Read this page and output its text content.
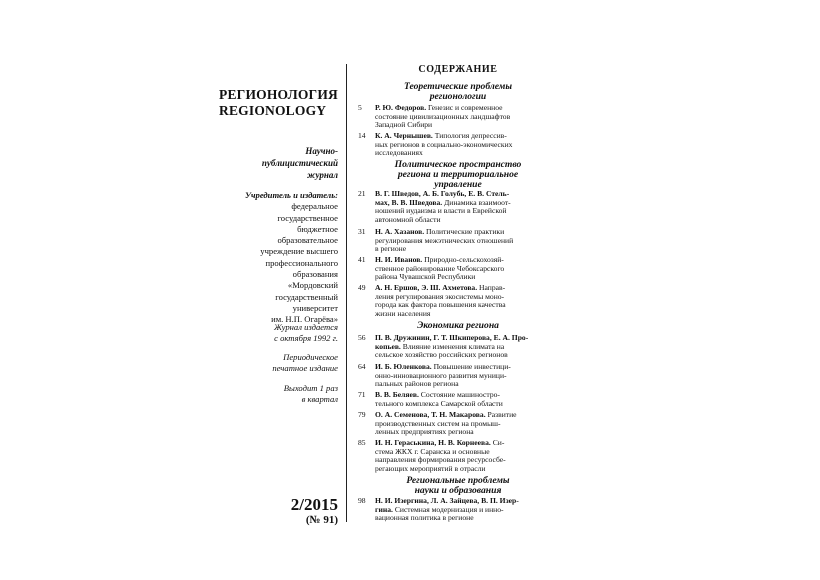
РЕГИОНОЛОГИЯ
REGIONOLOGY
Научно-
публицистический
журнал
Учредитель и издатель:
федеральное
государственное
бюджетное
образовательное
учреждение высшего
профессионального
образования
«Мордовский
государственный
университет
им. Н.П. Огарёва»
Журнал издается
с октября 1992 г.
Периодическое
печатное издание
Выходит 1 раз
в квартал
2/2015
(№ 91)
СОДЕРЖАНИЕ
Теоретические проблемы
регионологии
5	Р. Ю. Федоров. Генезис и современное
состояние цивилизационных ландшафтов
Западной Сибири
14	К. А. Чернышев. Типология депрессив-
ных регионов в социально-экономических
исследованиях
Политическое пространство
региона и территориальное
управление
21	В. Г. Шведов, А. Б. Голубь, Е. В. Стель-
мах, В. В. Шведова. Динамика взаимоот-
ношений иудаизма и власти в Еврейской
автономной области
31	Н. А. Хазанов. Политические практики
регулирования межэтнических отношений
в регионе
41	Н. И. Иванов. Природно-сельскохозяй-
ственное районирование Чебоксарского
района Чувашской Республики
49	А. Н. Ершов, Э. Ш. Ахметова. Направ-
ления регулирования экосистемы моно-
города как фактора повышения качества
жизни населения
Экономика региона
56	П. В. Дружинин, Г. Т. Шкиперова, Е. А. Про-
копьев. Влияние изменения климата на
сельское хозяйство российских регионов
64	И. Б. Юленкова. Повышение инвестици-
онно-инновационного развития муници-
пальных районов региона
71	В. В. Беляев. Состояние машиностро-
тельного комплекса Самарской области
79	О. А. Семенова, Т. Н. Макарова. Развитие
производственных систем на промыш-
ленных предприятиях региона
85	И. Н. Гераськина, Н. В. Корнеева. Си-
стема ЖКХ г. Саранска и основные
направления формирования ресурсосбе-
регающих мероприятий в отрасли
Региональные проблемы
науки и образования
98	Н. И. Изергина, Л. А. Зайцева, В. П. Изер-
гина. Системная модернизация и инно-
вационная политика в регионе
